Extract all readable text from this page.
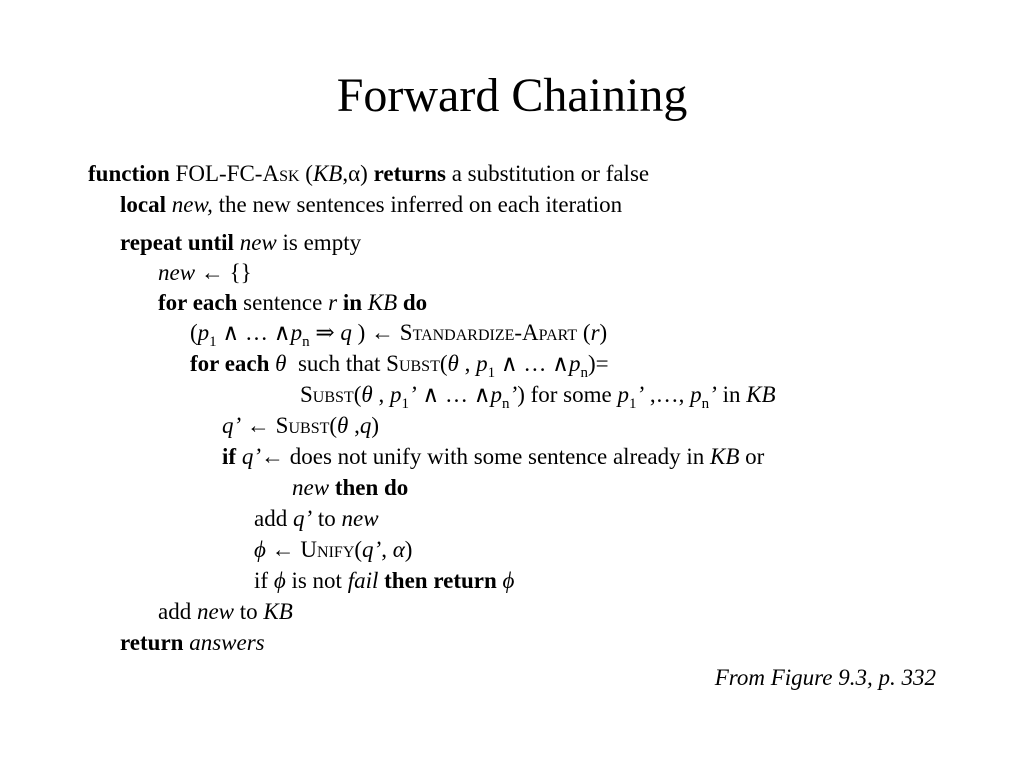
Forward Chaining
function FOL-FC-Ask (KB,α) returns a substitution or false
local new, the new sentences inferred on each iteration
repeat until new is empty
new ← {}
for each sentence r in KB do
($p_1$ ∧ … $\wedge p_n$ ⇒ q ) ← Standardize-Apart (r)
for each θ  such that Subst(θ , $p_1$ ∧ … $\wedge p_n)=$
Subst(θ , $p_1$’ ∧ … $\wedge p_n$’) for some $p_1$’ ,…, $p_n$’ in KB
q’ ← Subst(θ ,q)
if q’← does not unify with some sentence already in KB or
new then do
add q’ to new
ϕ ← Unify(q’, α)
if ϕ is not fail then return ϕ
add new to KB
return answers
From Figure 9.3, p. 332
